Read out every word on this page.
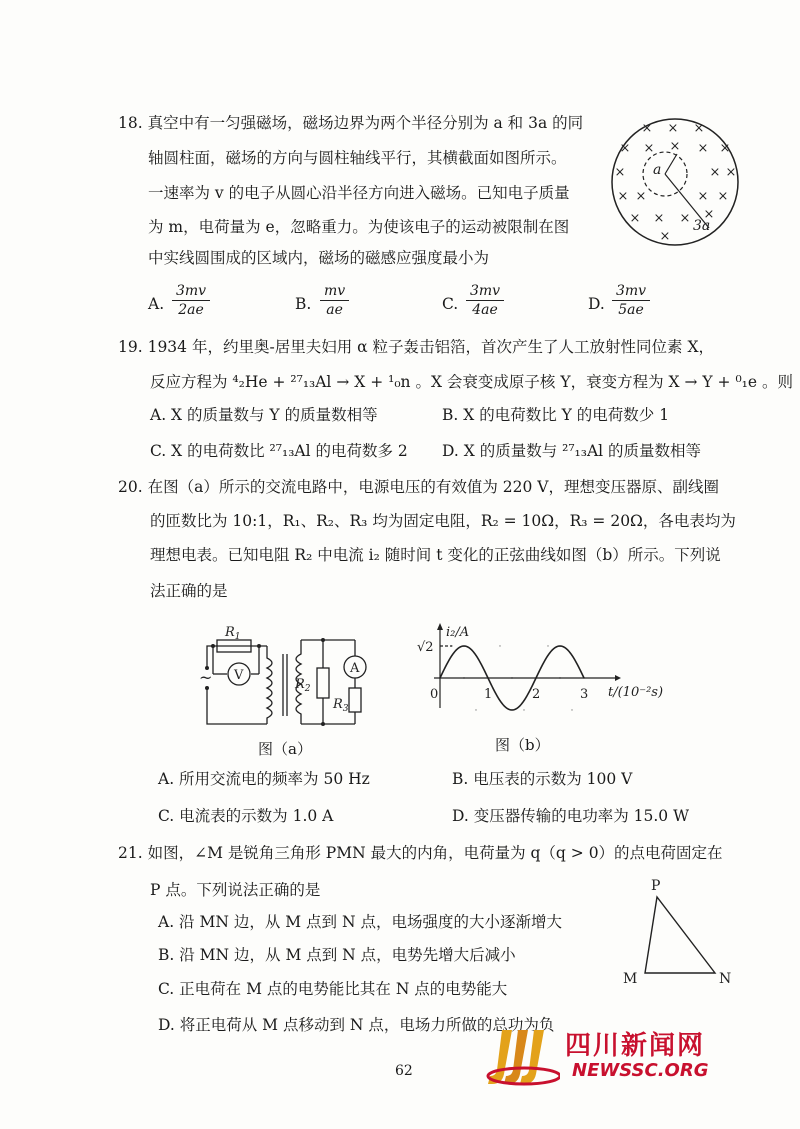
18. 真空中有一匀强磁场，磁场边界为两个半径分别为 a 和 3a 的同
轴圆柱面，磁场的方向与圆柱轴线平行，其横截面如图所示。
一速率为 v 的电子从圆心沿半径方向进入磁场。已知电子质量
为 m，电荷量为 e，忽略重力。为使该电子的运动被限制在图
中实线圆围成的区域内，磁场的磁感应强度最小为
× × ×
× × × × ×
×	× ×
× ×	× ×
× × × ×
×
a
3a
A. $\frac{3mv}{2ae}$	B. $\frac{mv}{ae}$	C. $\frac{3mv}{4ae}$	D. $\frac{3mv}{5ae}$
19. 1934 年，约里奥-居里夫妇用 α 粒子轰击铝箔，首次产生了人工放射性同位素 X，
反应方程为 ⁴₂He + ²⁷₁₃Al → X + ¹₀n 。X 会衰变成原子核 Y，衰变方程为 X → Y + ⁰₁e 。则
A. X 的质量数与 Y 的质量数相等	B. X 的电荷数比 Y 的电荷数少 1
C. X 的电荷数比 ²⁷₁₃Al 的电荷数多 2 D. X 的质量数与 ²⁷₁₃Al 的质量数相等
20. 在图（a）所示的交流电路中，电源电压的有效值为 220 V，理想变压器原、副线圈
的匝数比为 10:1，R₁、R₂、R₃ 均为固定电阻，R₂ = 10Ω，R₃ = 20Ω，各电表均为
理想电表。已知电阻 R₂ 中电流 i₂ 随时间 t 变化的正弦曲线如图（b）所示。下列说
法正确的是
~
$R_1$
V
$R_2$
A
$R_3$
图（a）
0	1	2	3
√2
i₂/A
t/(10⁻²s)
图（b）
A. 所用交流电的频率为 50 Hz	B. 电压表的示数为 100 V
C. 电流表的示数为 1.0 A	D. 变压器传输的电功率为 15.0 W
21. 如图，∠M 是锐角三角形 PMN 最大的内角，电荷量为 q（q > 0）的点电荷固定在
P 点。下列说法正确的是
A. 沿 MN 边，从 M 点到 N 点，电场强度的大小逐渐增大
B. 沿 MN 边，从 M 点到 N 点，电势先增大后减小
C. 正电荷在 M 点的电势能比其在 N 点的电势能大
D. 将正电荷从 M 点移动到 N 点，电场力所做的总功为负
P
M	N
62
四川新闻网
NEWSSC.ORG
